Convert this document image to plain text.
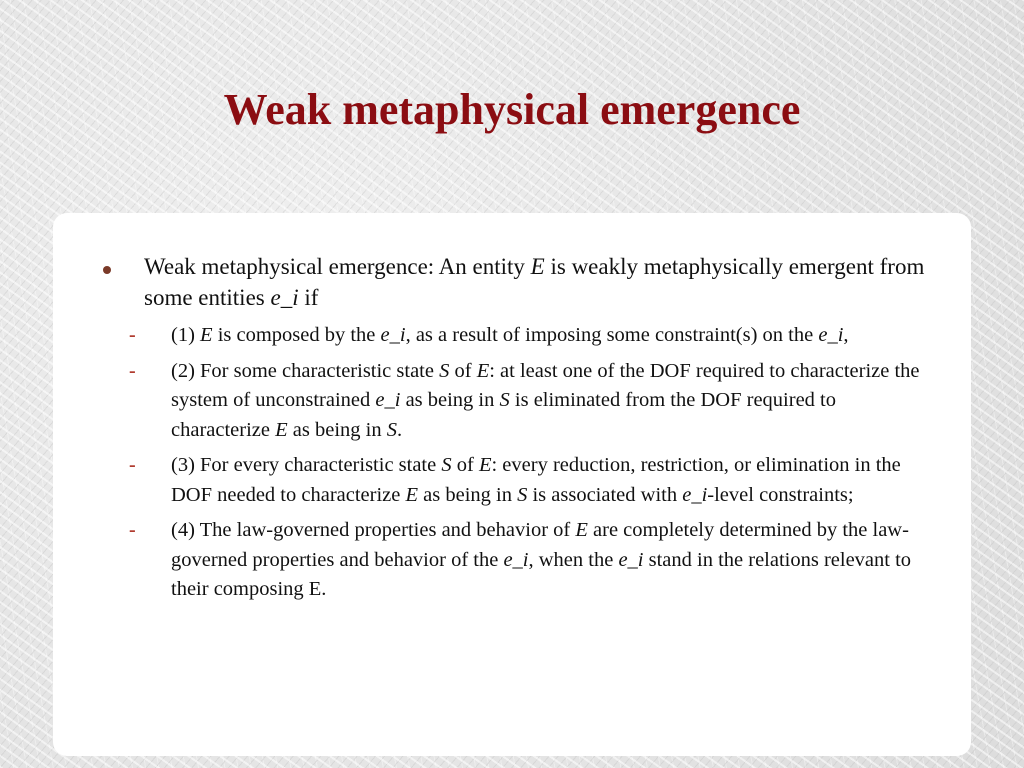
Weak metaphysical emergence
Weak metaphysical emergence: An entity E is weakly metaphysically emergent from some entities e_i if
-	(1) E is composed by the e_i, as a result of imposing some constraint(s) on the e_i,
-	(2) For some characteristic state S of E: at least one of the DOF required to characterize the system of unconstrained e_i as being in S is eliminated from the DOF required to characterize E as being in S.
-	(3) For every characteristic state S of E: every reduction, restriction, or elimination in the DOF needed to characterize E as being in S is associated with e_i-level constraints;
-	(4) The law-governed properties and behavior of E are completely determined by the law-governed properties and behavior of the e_i, when the e_i stand in the relations relevant to their composing E.
